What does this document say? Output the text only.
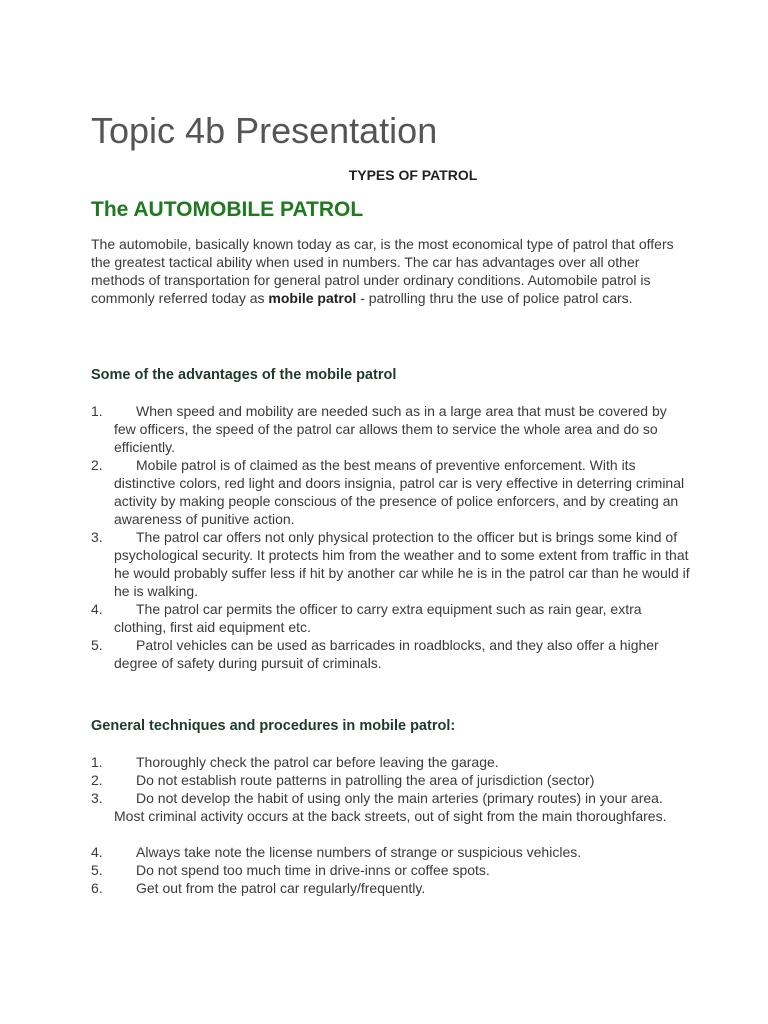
Topic 4b Presentation
TYPES OF PATROL
The AUTOMOBILE PATROL

The automobile, basically known today as car, is the most economical type of patrol that offers the greatest tactical ability when used in numbers. The car has advantages over all other methods of transportation for general patrol under ordinary conditions. Automobile patrol is commonly referred today as mobile patrol - patrolling thru the use of police patrol cars.

Some of the advantages of the mobile patrol
1. When speed and mobility are needed such as in a large area that must be covered by few officers, the speed of the patrol car allows them to service the whole area and do so efficiently.
2. Mobile patrol is of claimed as the best means of preventive enforcement. With its distinctive colors, red light and doors insignia, patrol car is very effective in deterring criminal activity by making people conscious of the presence of police enforcers, and by creating an awareness of punitive action.
3. The patrol car offers not only physical protection to the officer but is brings some kind of psychological security. It protects him from the weather and to some extent from traffic in that he would probably suffer less if hit by another car while he is in the patrol car than he would if he is walking.
4. The patrol car permits the officer to carry extra equipment such as rain gear, extra clothing, first aid equipment etc.
5. Patrol vehicles can be used as barricades in roadblocks, and they also offer a higher degree of safety during pursuit of criminals.
General techniques and procedures in mobile patrol:
1. Thoroughly check the patrol car before leaving the garage.
2. Do not establish route patterns in patrolling the area of jurisdiction (sector)
3. Do not develop the habit of using only the main arteries (primary routes) in your area. Most criminal activity occurs at the back streets, out of sight from the main thoroughfares.
4. Always take note the license numbers of strange or suspicious vehicles.
5. Do not spend too much time in drive-inns or coffee spots.
6. Get out from the patrol car regularly/frequently.
